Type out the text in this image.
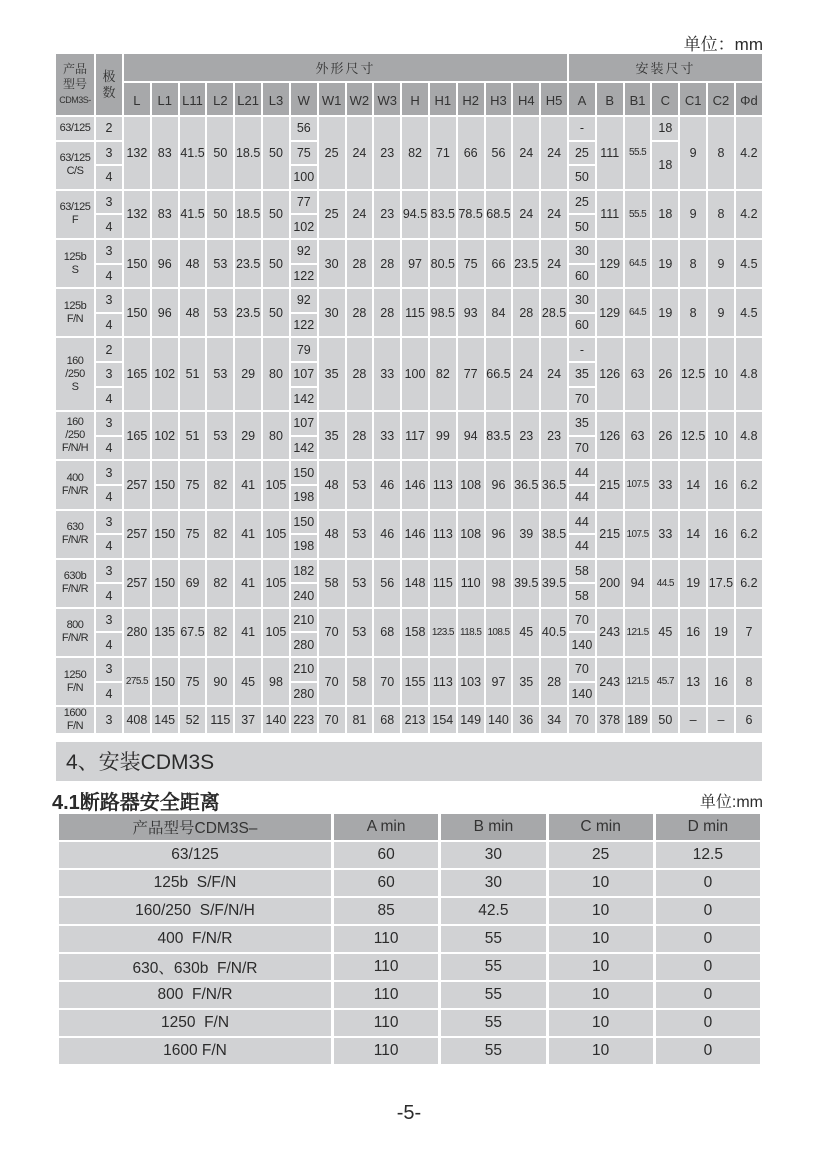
单位：mm
产品
型号
CDM3S-	极
数	外形尺寸																安装尺寸						
		L	L1	L11	L2	L21	L3	W	W1	W2	W3	H	H1	H2	H3	H4	H5	A	B	B1	C	C1	C2	Φd
63/125	2	132	83	41.5	50	18.5	50	56	25	24	23	82	71	66	56	24	24	-	111	55.5	18	9	8	4.2
63/125
C/S	3							75										25			18			
	4							100										50						
63/125
F	3	132	83	41.5	50	18.5	50	77	25	24	23	94.5	83.5	78.5	68.5	24	24	25	111	55.5	18	9	8	4.2
	4							102										50						
125b
S	3	150	96	48	53	23.5	50	92	30	28	28	97	80.5	75	66	23.5	24	30	129	64.5	19	8	9	4.5
	4							122										60						
125b
F/N	3	150	96	48	53	23.5	50	92	30	28	28	115	98.5	93	84	28	28.5	30	129	64.5	19	8	9	4.5
	4							122										60						
160
/250
S	2	165	102	51	53	29	80	79	35	28	33	100	82	77	66.5	24	24	-	126	63	26	12.5	10	4.8
	3							107										35						
	4							142										70						
160
/250
F/N/H	3	165	102	51	53	29	80	107	35	28	33	117	99	94	83.5	23	23	35	126	63	26	12.5	10	4.8
	4							142										70						
400
F/N/R	3	257	150	75	82	41	105	150	48	53	46	146	113	108	96	36.5	36.5	44	215	107.5	33	14	16	6.2
	4							198										44						
630
F/N/R	3	257	150	75	82	41	105	150	48	53	46	146	113	108	96	39	38.5	44	215	107.5	33	14	16	6.2
	4							198										44						
630b
F/N/R	3	257	150	69	82	41	105	182	58	53	56	148	115	110	98	39.5	39.5	58	200	94	44.5	19	17.5	6.2
	4							240										58						
800
F/N/R	3	280	135	67.5	82	41	105	210	70	53	68	158	123.5	118.5	108.5	45	40.5	70	243	121.5	45	16	19	7
	4							280										140						
1250
F/N	3	275.5	150	75	90	45	98	210	70	58	70	155	113	103	97	35	28	70	243	121.5	45.7	13	16	8
	4							280										140						
1600
F/N	3	408	145	52	115	37	140	223	70	81	68	213	154	149	140	36	34	70	378	189	50	–	–	6
4、安装CDM3S
4.1断路器安全距离	单位:mm
产品型号CDM3S–	A min	B min	C min	D min
63/125	60	30	25	12.5
125b  S/F/N	60	30	10	0
160/250  S/F/N/H	85	42.5	10	0
400  F/N/R	110	55	10	0
630、630b  F/N/R	110	55	10	0
800  F/N/R	110	55	10	0
1250  F/N	110	55	10	0
1600 F/N	110	55	10	0
-5-
